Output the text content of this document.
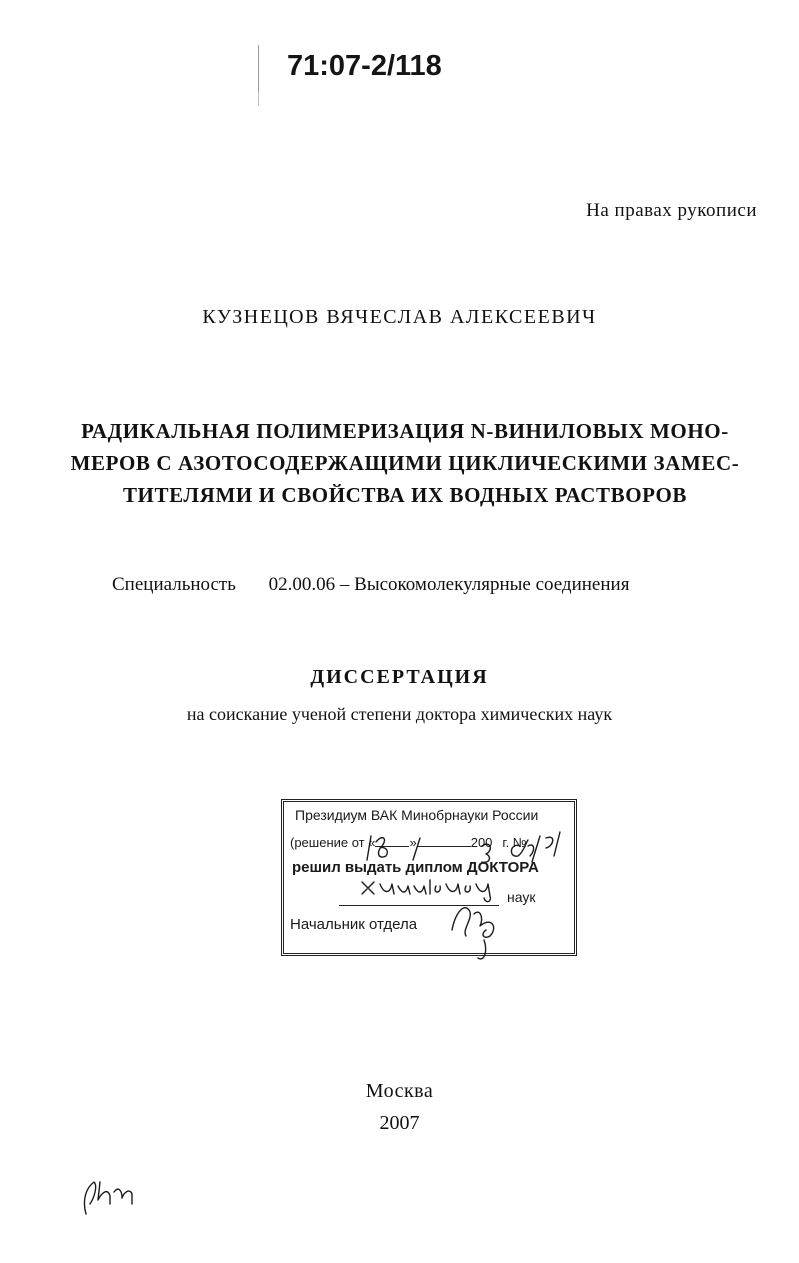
71:07-2/118
На правах рукописи
КУЗНЕЦОВ ВЯЧЕСЛАВ АЛЕКСЕЕВИЧ
РАДИКАЛЬНАЯ ПОЛИМЕРИЗАЦИЯ N-ВИНИЛОВЫХ МОНО-
МЕРОВ С АЗОТОСОДЕРЖАЩИМИ ЦИКЛИЧЕСКИМИ ЗАМЕС-
ТИТЕЛЯМИ И СВОЙСТВА ИХ ВОДНЫХ РАСТВОРОВ
Специальность 02.00.06 – Высокомолекулярные соединения
ДИССЕРТАЦИЯ
на соискание ученой степени доктора химических наук
Президиум ВАК Минобрнауки России
(решение от «	»	200 г. №
решил выдать диплом ДОКТОРА
наук
Начальник отдела
Москва
2007
